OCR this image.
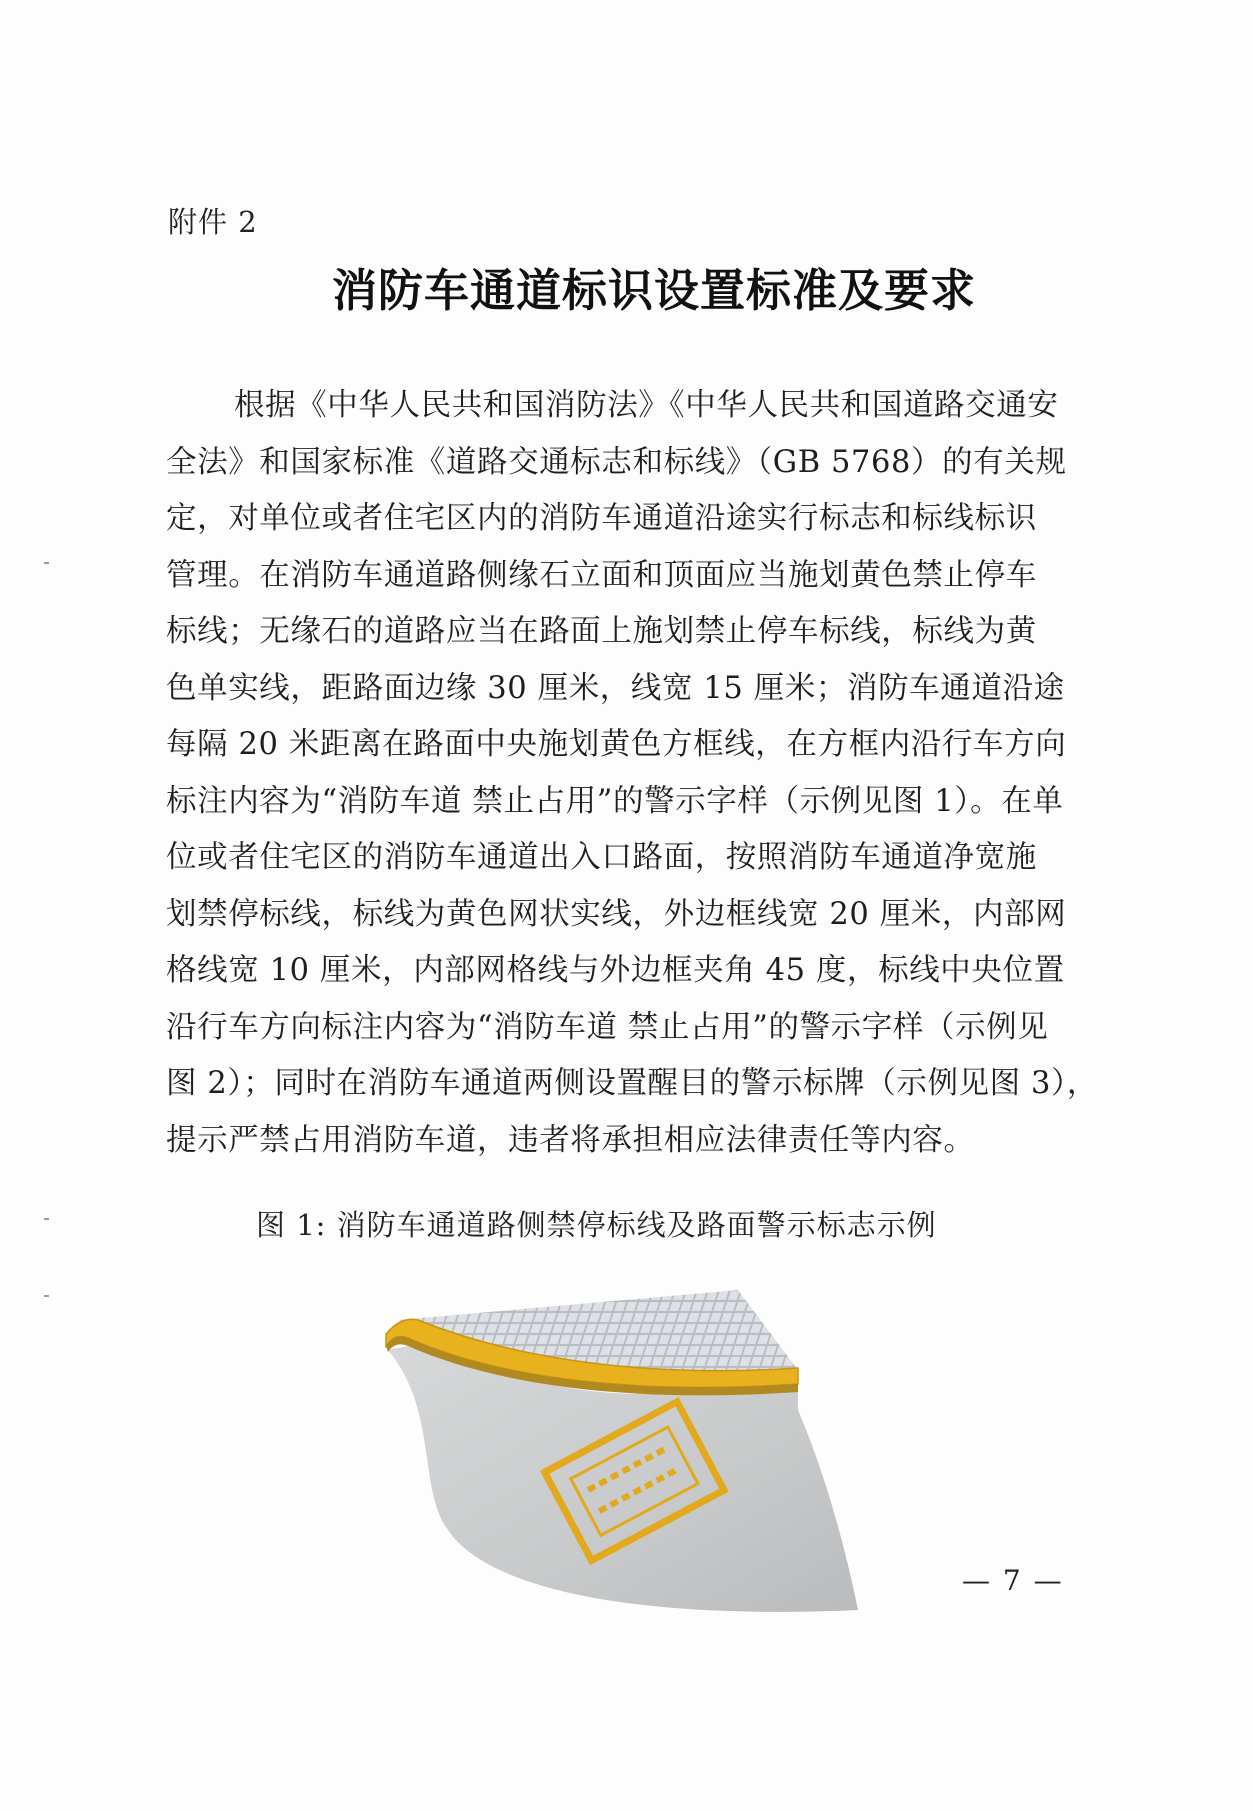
附件 2
消防车通道标识设置标准及要求
根据《中华人民共和国消防法》《中华人民共和国道路交通安
全法》和国家标准《道路交通标志和标线》（GB 5768）的有关规
定，对单位或者住宅区内的消防车通道沿途实行标志和标线标识
管理。在消防车通道路侧缘石立面和顶面应当施划黄色禁止停车
标线；无缘石的道路应当在路面上施划禁止停车标线，标线为黄
色单实线，距路面边缘 30 厘米，线宽 15 厘米；消防车通道沿途
每隔 20 米距离在路面中央施划黄色方框线，在方框内沿行车方向
标注内容为“消防车道 禁止占用”的警示字样（示例见图 1）。在单
位或者住宅区的消防车通道出入口路面，按照消防车通道净宽施
划禁停标线，标线为黄色网状实线，外边框线宽 20 厘米，内部网
格线宽 10 厘米，内部网格线与外边框夹角 45 度，标线中央位置
沿行车方向标注内容为“消防车道 禁止占用”的警示字样（示例见
图 2）；同时在消防车通道两侧设置醒目的警示标牌（示例见图 3），
提示严禁占用消防车道，违者将承担相应法律责任等内容。
图 1: 消防车通道路侧禁停标线及路面警示标志示例
— 7 —
